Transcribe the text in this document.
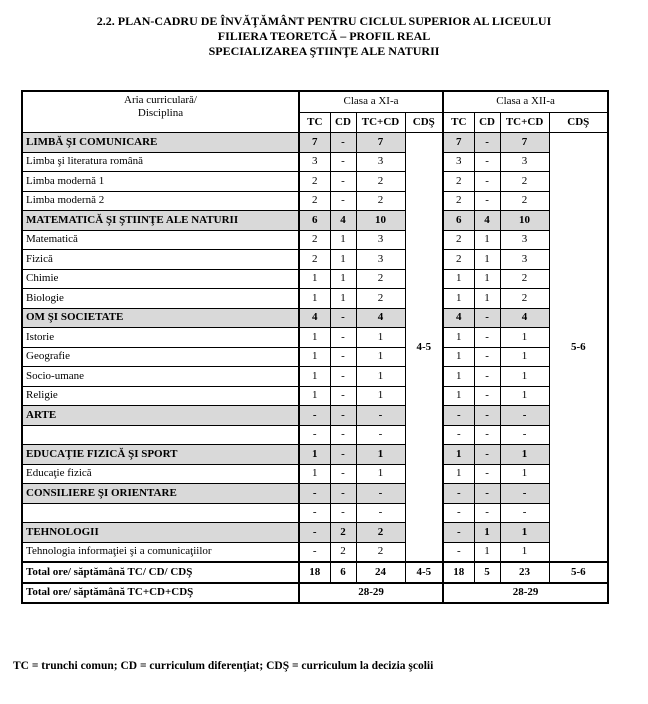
2.2. PLAN-CADRU DE ÎNVĂŢĂMÂNT PENTRU CICLUL SUPERIOR AL LICEULUI
FILIERA TEORETCĂ – PROFIL REAL
SPECIALIZAREA ŞTIINŢE ALE NATURII
Aria curriculară/
Disciplina	Clasa a XI-a				Clasa a XII-a			
	TC	CD	TC+CD	CDŞ	TC	CD	TC+CD	CDŞ
LIMBĂ ŞI COMUNICARE	7	-	7	4-5	7	-	7	5-6
Limba şi literatura română	3	-	3		3	-	3	
Limba modernă 1	2	-	2		2	-	2	
Limba modernă 2	2	-	2		2	-	2	
MATEMATICĂ ŞI ŞTIINŢE ALE NATURII	6	4	10		6	4	10	
Matematică	2	1	3		2	1	3	
Fizică	2	1	3		2	1	3	
Chimie	1	1	2		1	1	2	
Biologie	1	1	2		1	1	2	
OM ŞI SOCIETATE	4	-	4		4	-	4	
Istorie	1	-	1		1	-	1	
Geografie	1	-	1		1	-	1	
Socio-umane	1	-	1		1	-	1	
Religie	1	-	1		1	-	1	
ARTE	-	-	-		-	-	-	
	-	-	-		-	-	-	
EDUCAŢIE FIZICĂ ŞI SPORT	1	-	1		1	-	1	
Educaţie fizică	1	-	1		1	-	1	
CONSILIERE ŞI ORIENTARE	-	-	-		-	-	-	
	-	-	-		-	-	-	
TEHNOLOGII	-	2	2		-	1	1	
Tehnologia informaţiei şi a comunicaţiilor	-	2	2		-	1	1	
Total ore/ săptămână TC/ CD/ CDŞ	18	6	24	4-5	18	5	23	5-6
Total ore/ săptămână TC+CD+CDŞ	28-29				28-29			
TC = trunchi comun; CD = curriculum diferenţiat; CDŞ = curriculum la decizia şcolii
